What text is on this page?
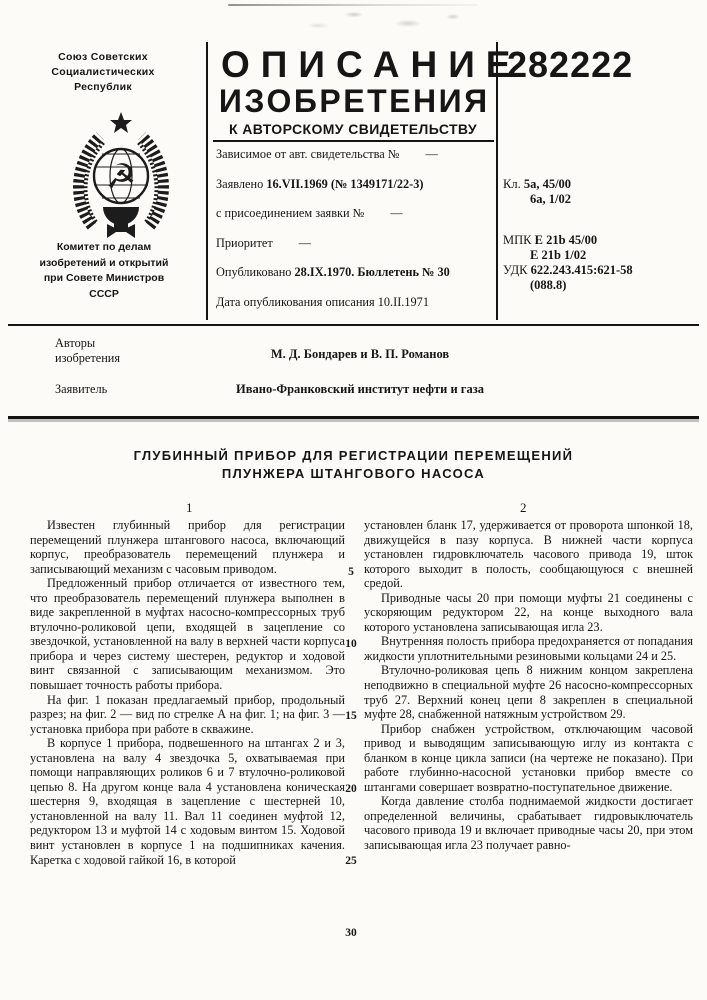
Союз Советских
Социалистических
Республик
☭
Комитет по делам
изобретений и открытий
при Совете Министров
СССР
ОПИСАНИЕ
ИЗОБРЕТЕНИЯ
К АВТОРСКОМУ СВИДЕТЕЛЬСТВУ
Зависимое от авт. свидетельства № —
Заявлено 16.VII.1969 (№ 1349171/22-3)
с присоединением заявки № —
Приоритет —
Опубликовано 28.IX.1970. Бюллетень № 30
Дата опубликования описания 10.II.1971
282222
Кл. 5а, 45/00
6а, 1/02
МПК Е 21b 45/00
Е 21b 1/02
УДК 622.243.415:621-58
(088.8)
Авторы
изобретения	М. Д. Бондарев и В. П. Романов
Заявитель	Ивано-Франковский институт нефти и газа
ГЛУБИННЫЙ ПРИБОР ДЛЯ РЕГИСТРАЦИИ ПЕРЕМЕЩЕНИЙ
ПЛУНЖЕРА ШТАНГОВОГО НАСОСА
1	2

Известен глубинный прибор для регистрации перемещений плунжера штангового насоса, включающий корпус, преобразователь перемещений плунжера и записывающий механизм с часовым приводом.

Предложенный прибор отличается от известного тем, что преобразователь перемещений плунжера выполнен в виде закрепленной в муфтах насосно-компрессорных труб втулочно-роликовой цепи, входящей в зацепление со звездочкой, установленной на валу в верхней части корпуса прибора и через систему шестерен, редуктор и ходовой винт связанной с записывающим механизмом. Это повышает точность работы прибора.

На фиг. 1 показан предлагаемый прибор, продольный разрез; на фиг. 2 — вид по стрелке А на фиг. 1; на фиг. 3 — установка прибора при работе в скважине.

В корпусе 1 прибора, подвешенного на штангах 2 и 3, установлена на валу 4 звездочка 5, охватываемая при помощи направляющих роликов 6 и 7 втулочно-роликовой цепью 8. На другом конце вала 4 установлена коническая шестерня 9, входящая в зацепление с шестерней 10, установленной на валу 11. Вал 11 соединен муфтой 12, редуктором 13 и муфтой 14 с ходовым винтом 15. Ходовой винт установлен в корпусе 1 на подшипниках качения. Каретка с ходовой гайкой 16, в которой

установлен бланк 17, удерживается от проворота шпонкой 18, движущейся в пазу корпуса. В нижней части корпуса установлен гидровключатель часового привода 19, шток которого выходит в полость, сообщающуюся с внешней средой.

Приводные часы 20 при помощи муфты 21 соединены с ускоряющим редуктором 22, на конце выходного вала которого установлена записывающая игла 23.

Внутренняя полость прибора предохраняется от попадания жидкости уплотнительными резиновыми кольцами 24 и 25.

Втулочно-роликовая цепь 8 нижним концом закреплена неподвижно в специальной муфте 26 насосно-компрессорных труб 27. Верхний конец цепи 8 закреплен в специальной муфте 28, снабженной натяжным устройством 29.

Прибор снабжен устройством, отключающим часовой привод и выводящим записывающую иглу из контакта с бланком в конце цикла записи (на чертеже не показано). При работе глубинно-насосной установки прибор вместе со штангами совершает возвратно-поступательное движение.

Когда давление столба поднимаемой жидкости достигает определенной величины, срабатывает гидровыключатель часового привода 19 и включает приводные часы 20, при этом записывающая игла 23 получает равно-

5
10
15
20
25
30
